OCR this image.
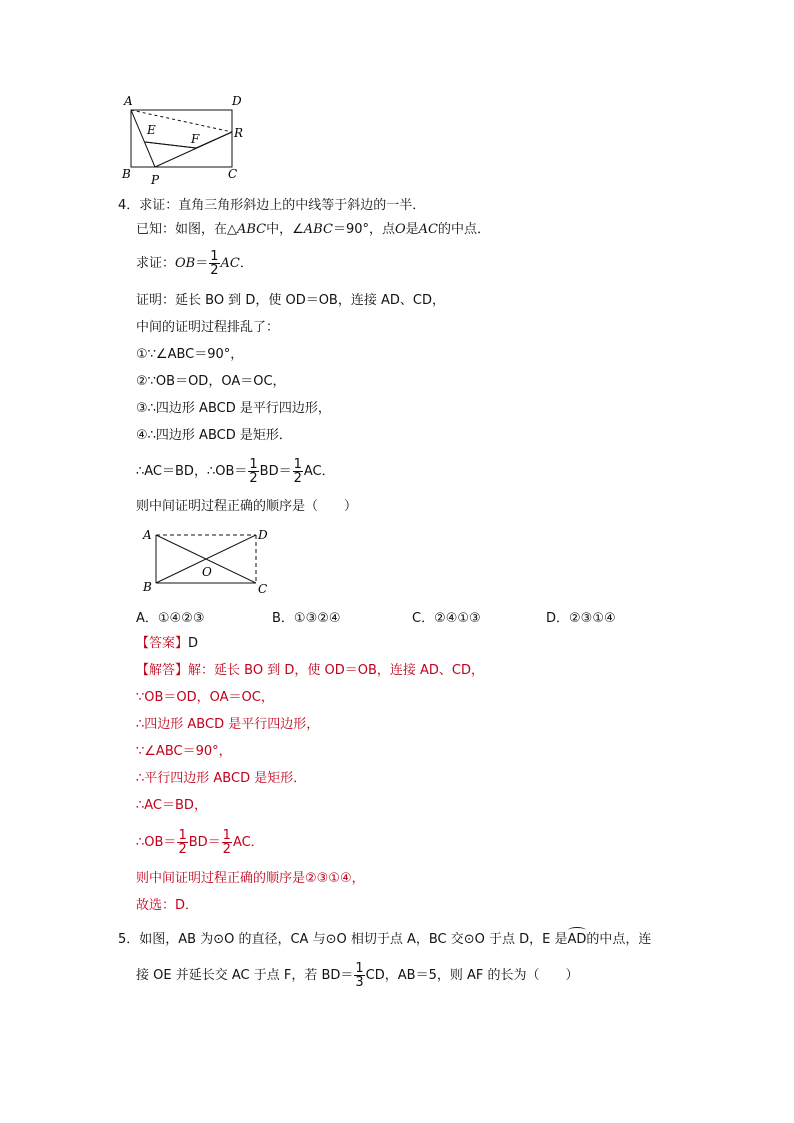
A	D
E
F	R
B P	C
4．求证：直角三角形斜边上的中线等于斜边的一半．
已知：如图，在△ABC中，∠ABC＝90°，点O是AC的中点．
求证：$OB= \frac{1}{2}$ AC．
证明：延长 BO 到 D，使 OD＝OB，连接 AD、CD，
中间的证明过程排乱了：
①∵∠ABC＝90°，
②∵OB＝OD，OA＝OC，
③∴四边形 ABCD 是平行四边形，
④∴四边形 ABCD 是矩形．
∴AC＝BD，∴OB＝ $\frac{1}{2} BD= \frac{1}{2}$ AC．
则中间证明过程正确的顺序是（　　）
A	D
O
B	C
A．①④②③	B．①③②④	C．②④①③	D．②③①④
【答案】D
【解答】解：延长 BO 到 D，使 OD＝OB，连接 AD、CD，
∵OB＝OD，OA＝OC，
∴四边形 ABCD 是平行四边形，
∵∠ABC＝90°，
∴平行四边形 ABCD 是矩形．
∴AC＝BD，
∴OB＝ $\frac{1}{2} BD= \frac{1}{2}$ AC．
则中间证明过程正确的顺序是②③①④，
故选：D．
5．如图，AB 为⊙O 的直径，CA 与⊙O 相切于点 A，BC 交⊙O 于点 D，E 是
AD的中点，连
接 OE 并延长交 AC 于点 F，若 $BD= \frac{1}{3}$ CD，AB＝5，则 AF 的长为（　　）
